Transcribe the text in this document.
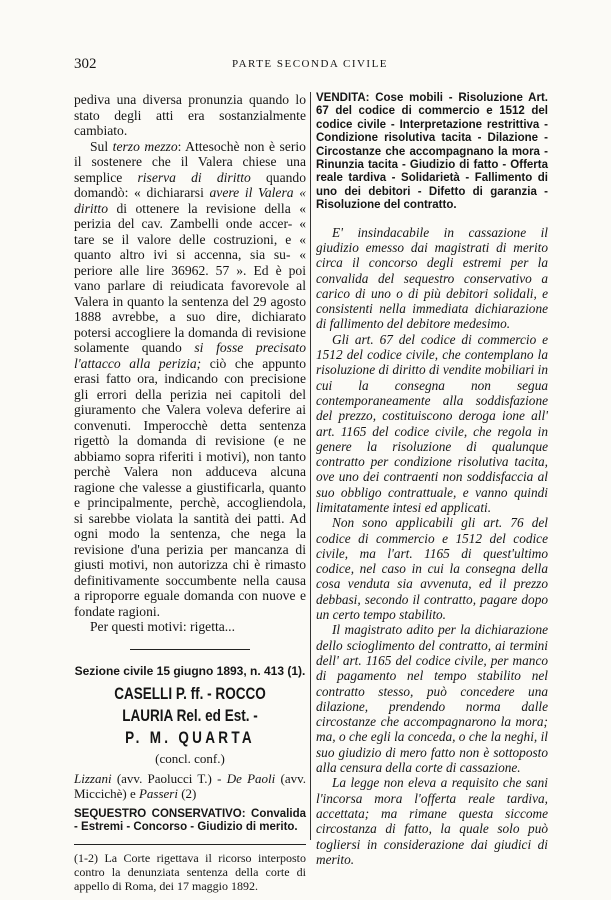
302	PARTE SECONDA CIVILE

pediva una diversa pronunzia quando lo stato degli atti era sostanzialmente cambiato.

Sul terzo mezzo: Attesochè non è serio il sostenere che il Valera chiese una semplice riserva di diritto quando domandò: « dichiararsi avere il Valera « diritto di ottenere la revisione della « perizia del cav. Zambelli onde accer- « tare se il valore delle costruzioni, e « quanto altro ivi si accenna, sia su- « periore alle lire 36962. 57 ». Ed è poi vano parlare di reiudicata favorevole al Valera in quanto la sentenza del 29 agosto 1888 avrebbe, a suo dire, dichiarato potersi accogliere la domanda di revisione solamente quando si fosse precisato l'attacco alla perizia; ciò che appunto erasi fatto ora, indicando con precisione gli errori della perizia nei capitoli del giuramento che Valera voleva deferire ai convenuti. Imperocchè detta sentenza rigettò la domanda di revisione (e ne abbiamo sopra riferiti i motivi), non tanto perchè Valera non adduceva alcuna ragione che valesse a giustificarla, quanto e principalmente, perchè, accogliendola, si sarebbe violata la santità dei patti. Ad ogni modo la sentenza, che nega la revisione d'una perizia per mancanza di giusti motivi, non autorizza chi è rimasto definitivamente soccumbente nella causa a riproporre eguale domanda con nuove e fondate ragioni.

Per questi motivi: rigetta...

Sezione civile 15 giugno 1893, n. 413 (1).
CASELLI P. ff. - ROCCO LAURIA Rel. ed Est. -
P. M. QUARTA
(concl. conf.)

Lizzani (avv. Paolucci T.) - De Paoli (avv. Miccichè) e Passeri (2)

SEQUESTRO CONSERVATIVO: Convalida - Estremi - Concorso - Giudizio di merito.

(1-2) La Corte rigettava il ricorso interposto contro la denunziata sentenza della corte di appello di Roma, dei 17 maggio 1892.

VENDITA: Cose mobili - Risoluzione Art. 67 del codice di commercio e 1512 del codice civile - Interpretazione restrittiva - Condizione risolutiva tacita - Dilazione - Circostanze che accompagnano la mora - Rinunzia tacita - Giudizio di fatto - Offerta reale tardiva - Solidarietà - Fallimento di uno dei debitori - Difetto di garanzia - Risoluzione del contratto.

E' insindacabile in cassazione il giudizio emesso dai magistrati di merito circa il concorso degli estremi per la convalida del sequestro conservativo a carico di uno o di più debitori solidali, e consistenti nella immediata dichiarazione di fallimento del debitore medesimo.

Gli art. 67 del codice di commercio e 1512 del codice civile, che contemplano la risoluzione di diritto di vendite mobiliari in cui la consegna non segua contemporaneamente alla soddisfazione del prezzo, costituiscono deroga ione all' art. 1165 del codice civile, che regola in genere la risoluzione di qualunque contratto per condizione risolutiva tacita, ove uno dei contraenti non soddisfaccia al suo obbligo contrattuale, e vanno quindi limitatamente intesi ed applicati.

Non sono applicabili gli art. 76 del codice di commercio e 1512 del codice civile, ma l'art. 1165 di quest'ultimo codice, nel caso in cui la consegna della cosa venduta sia avvenuta, ed il prezzo debbasi, secondo il contratto, pagare dopo un certo tempo stabilito.

Il magistrato adito per la dichiarazione dello scioglimento del contratto, ai termini dell' art. 1165 del codice civile, per manco di pagamento nel tempo stabilito nel contratto stesso, può concedere una dilazione, prendendo norma dalle circostanze che accompagnarono la mora; ma, o che egli la conceda, o che la neghi, il suo giudizio di mero fatto non è sottoposto alla censura della corte di cassazione.

La legge non eleva a requisito che sani l'incorsa mora l'offerta reale tardiva, accettata; ma rimane questa siccome circostanza di fatto, la quale solo può togliersi in considerazione dai giudici di merito.
